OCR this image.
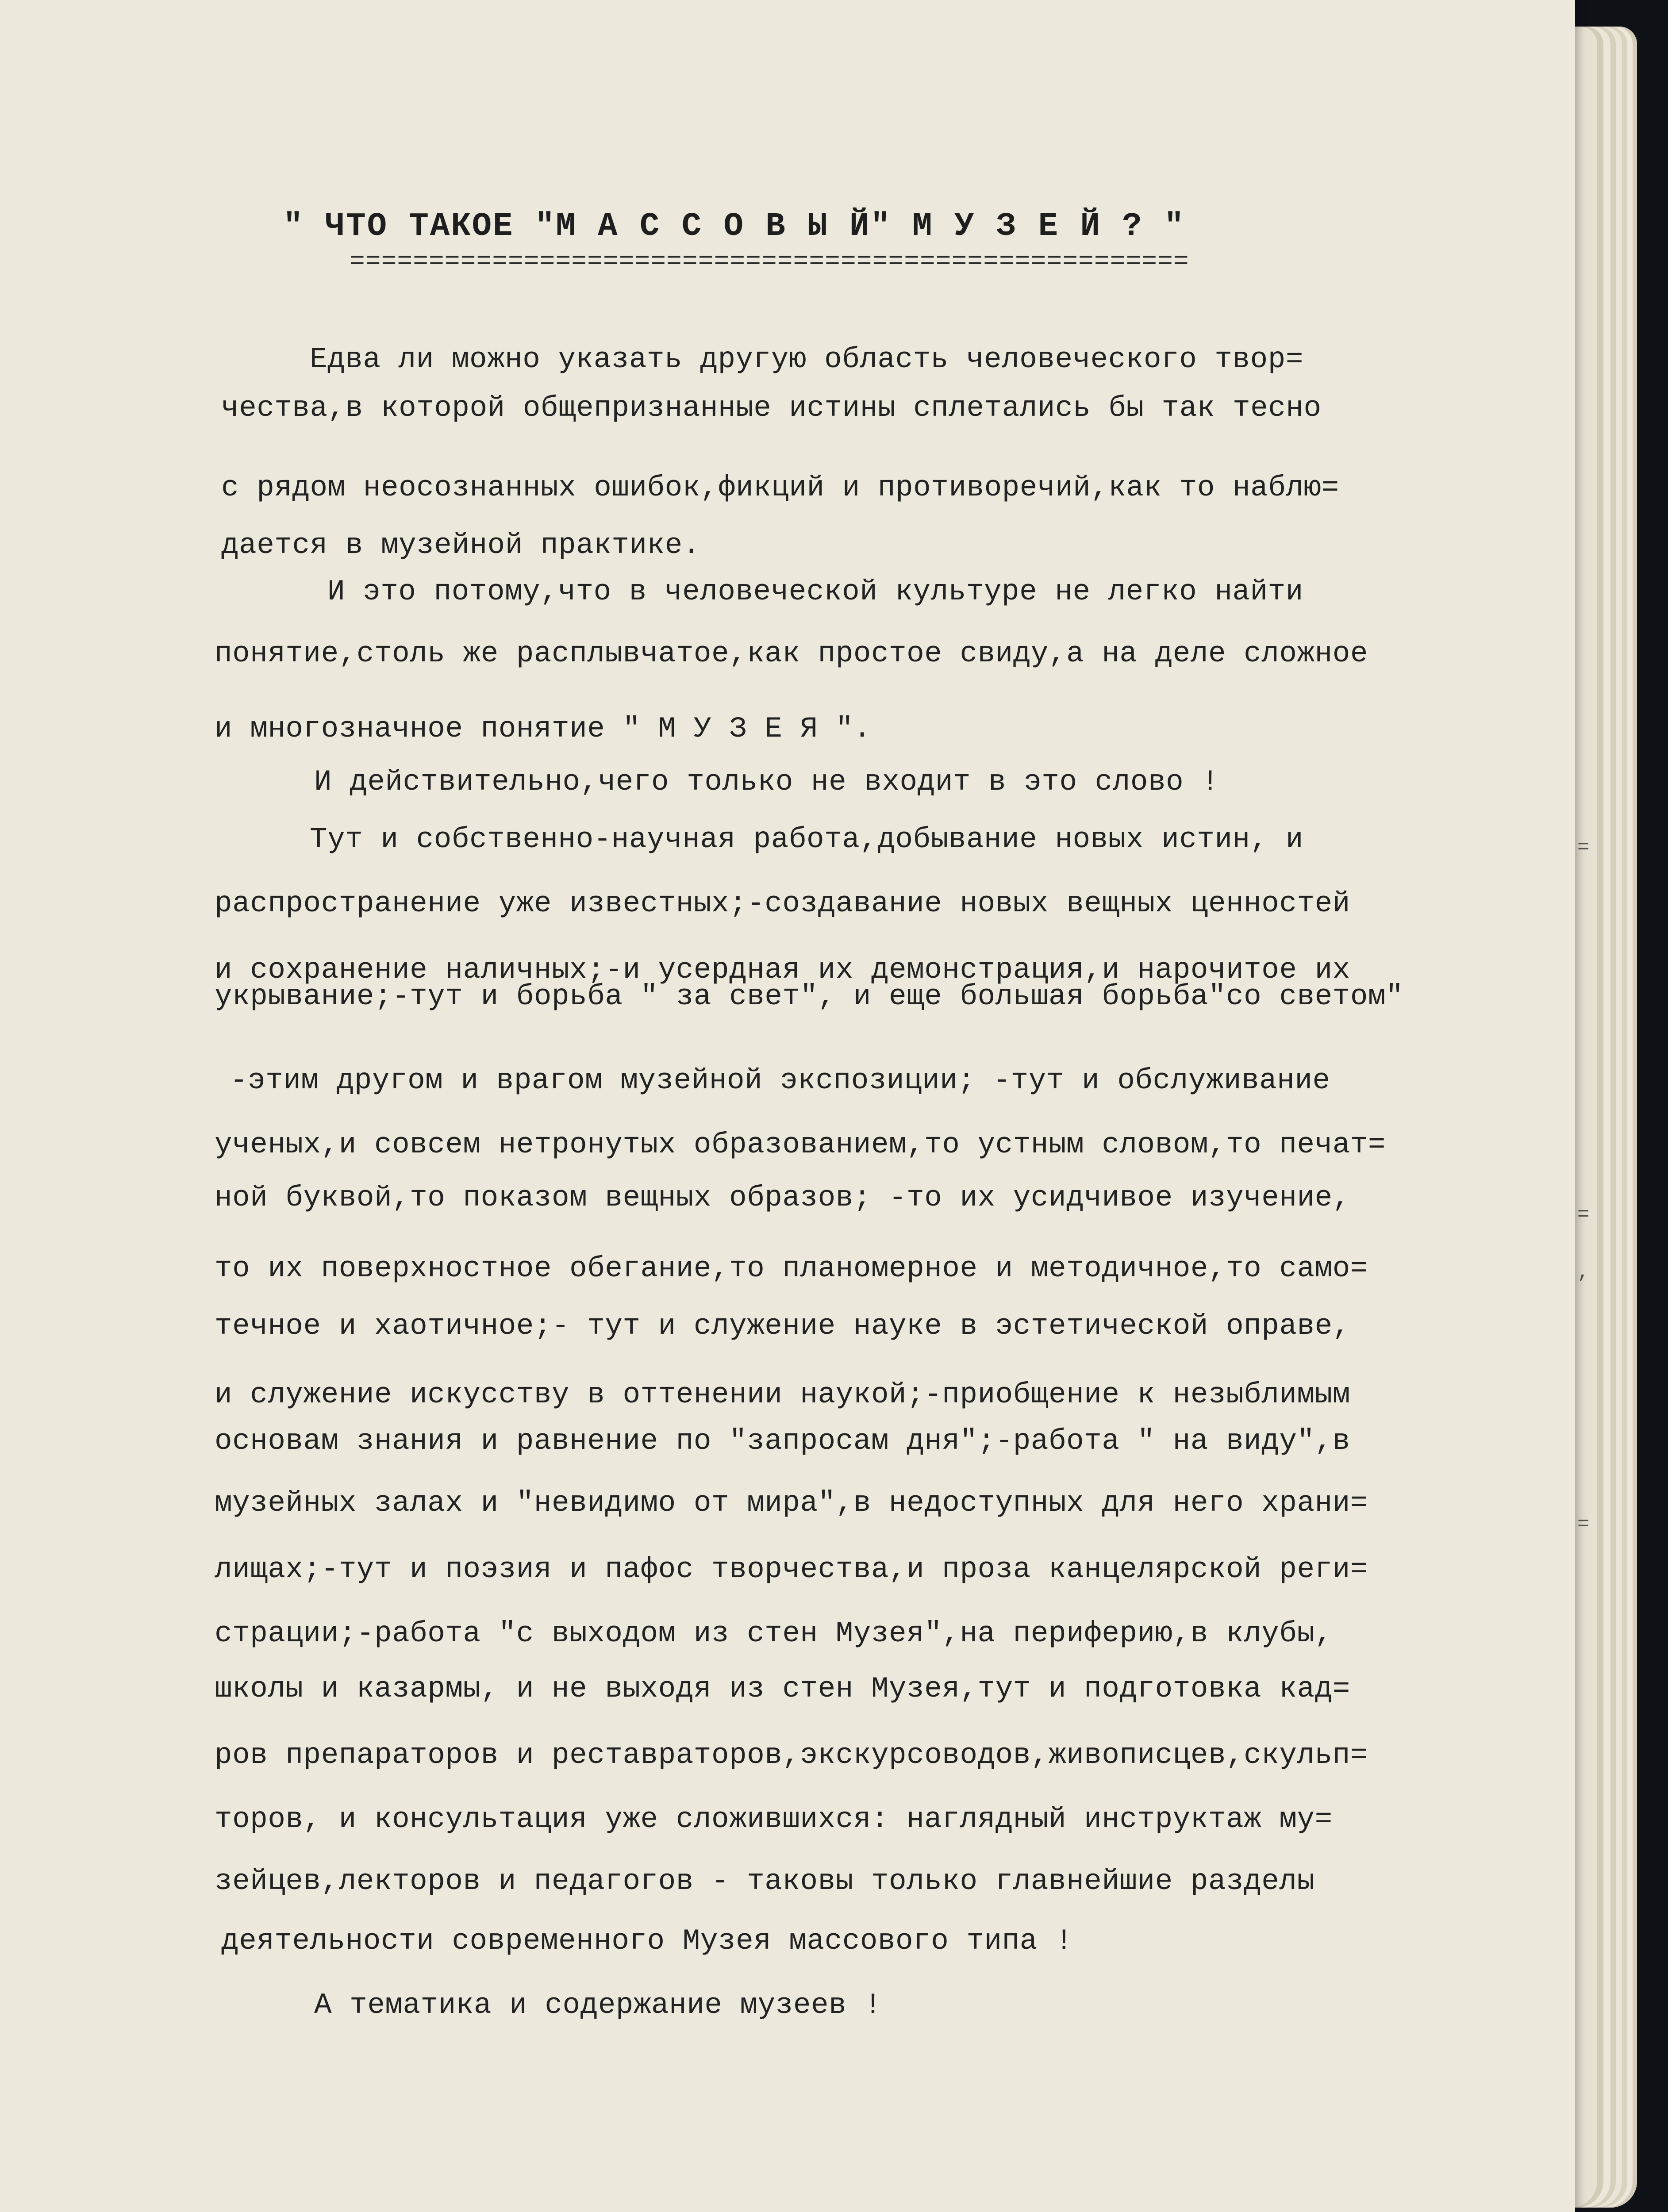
=
=
,
=
" ЧТО ТАКОЕ "М А С С О В Ы Й" М У З Е Й ? "
=====================================================
Едва ли можно указать другую область человеческого твор=
чества,в которой общепризнанные истины сплетались бы так тесно
с рядом неосознанных ошибок,фикций и противоречий,как то наблю=
дается в музейной практике.
И это потому,что в человеческой культуре не легко найти
понятие,столь же расплывчатое,как простое свиду,а на деле сложное
и многозначное понятие " М У З Е Я ".
И действительно,чего только не входит в это слово !
Тут и собственно-научная работа,добывание новых истин, и
распространение уже известных;-создавание новых вещных ценностей
и сохранение наличных;-и усердная их демонстрация,и нарочитое их
укрывание;-тут и борьба " за свет", и еще большая борьба"со светом"
-этим другом и врагом музейной экспозиции; -тут и обслуживание
ученых,и совсем нетронутых образованием,то устным словом,то печат=
ной буквой,то показом вещных образов; -то их усидчивое изучение,
то их поверхностное обегание,то планомерное и методичное,то само=
течное и хаотичное;- тут и служение науке в эстетической оправе,
и служение искусству в оттенении наукой;-приобщение к незыблимым
основам знания и равнение по "запросам дня";-работа " на виду",в
музейных залах и "невидимо от мира",в недоступных для него храни=
лищах;-тут и поэзия и пафос творчества,и проза канцелярской реги=
страции;-работа "с выходом из стен Музея",на периферию,в клубы,
школы и казармы, и не выходя из стен Музея,тут и подготовка кад=
ров препараторов и реставраторов,экскурсоводов,живописцев,скульп=
торов, и консультация уже сложившихся: наглядный инструктаж му=
зейцев,лекторов и педагогов - таковы только главнейшие разделы
деятельности современного Музея массового типа !
А тематика и содержание музеев !
